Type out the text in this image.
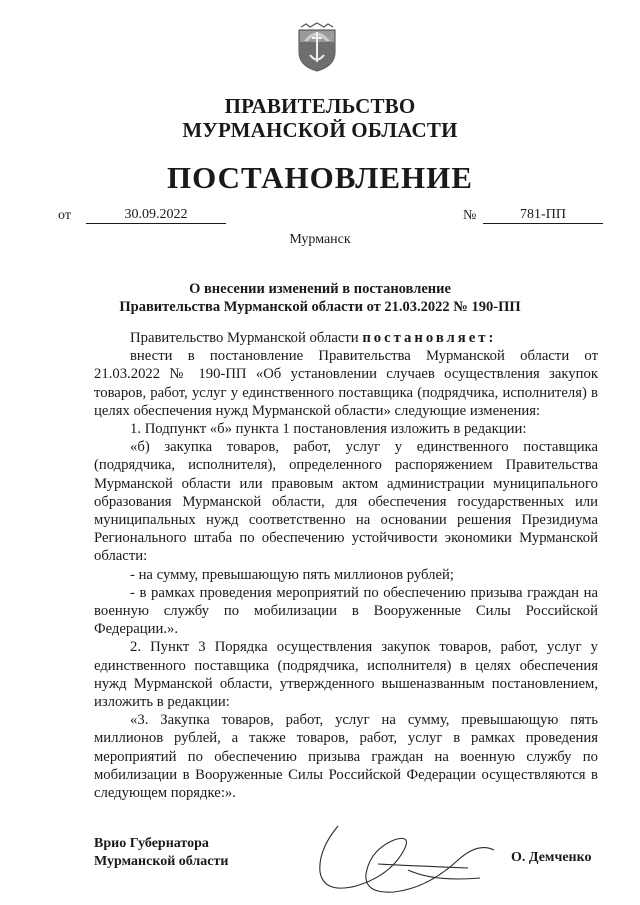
ПРАВИТЕЛЬСТВО
МУРМАНСКОЙ ОБЛАСТИ
ПОСТАНОВЛЕНИЕ
от	30.09.2022	№	781-ПП
Мурманск
О внесении изменений в постановление
Правительства Мурманской области от 21.03.2022 № 190-ПП

Правительство Мурманской области постановляет:

внести в постановление Правительства Мурманской области от 21.03.2022 № 190-ПП «Об установлении случаев осуществления закупок товаров, работ, услуг у единственного поставщика (подрядчика, исполнителя) в целях обеспечения нужд Мурманской области» следующие изменения:

1. Подпункт «б» пункта 1 постановления изложить в редакции:

«б) закупка товаров, работ, услуг у единственного поставщика (подрядчика, исполнителя), определенного распоряжением Правительства Мурманской области или правовым актом администрации муниципального образования Мурманской области, для обеспечения государственных или муниципальных нужд соответственно на основании решения Президиума Регионального штаба по обеспечению устойчивости экономики Мурманской области:

- на сумму, превышающую пять миллионов рублей;

- в рамках проведения мероприятий по обеспечению призыва граждан на военную службу по мобилизации в Вооруженные Силы Российской Федерации.».

2. Пункт 3 Порядка осуществления закупок товаров, работ, услуг у единственного поставщика (подрядчика, исполнителя) в целях обеспечения нужд Мурманской области, утвержденного вышеназванным постановлением, изложить в редакции:

«3. Закупка товаров, работ, услуг на сумму, превышающую пять миллионов рублей, а также товаров, работ, услуг в рамках проведения мероприятий по обеспечению призыва граждан на военную службу по мобилизации в Вооруженные Силы Российской Федерации осуществляются в следующем порядке:».

Врио Губернатора
Мурманской области	О. Демченко
